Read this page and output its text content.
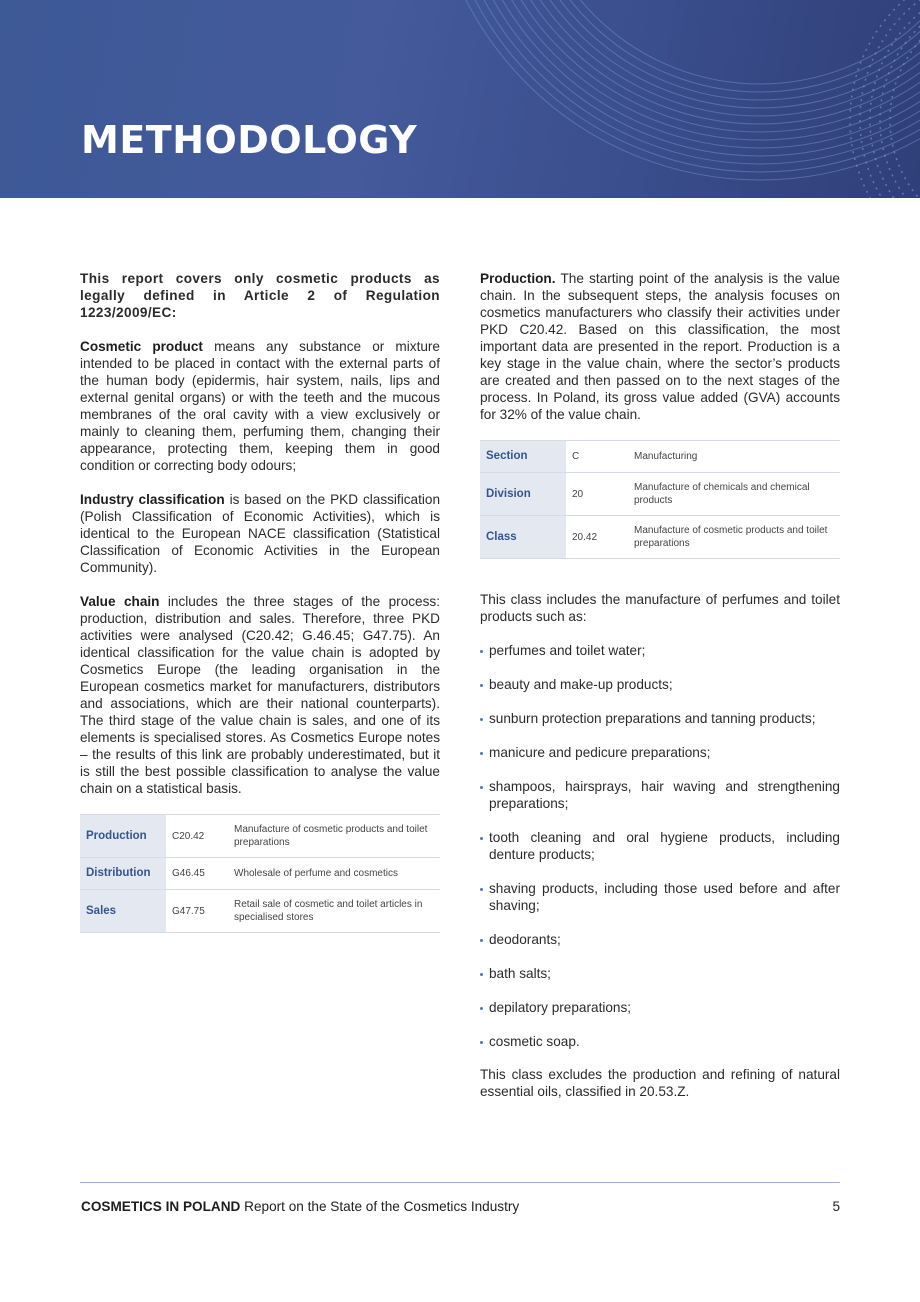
METHODOLOGY

This report covers only cosmetic products as legally defined in Article 2 of Regulation 1223/2009/EC:

Cosmetic product means any substance or mixture intended to be placed in contact with the external parts of the human body (epidermis, hair system, nails, lips and external genital organs) or with the teeth and the mucous membranes of the oral cavity with a view exclusively or mainly to cleaning them, perfuming them, changing their appearance, protecting them, keeping them in good condition or correcting body odours;

Industry classification is based on the PKD classification (Polish Classification of Economic Activities), which is identical to the European NACE classification (Statistical Classification of Economic Activities in the European Community).

Value chain includes the three stages of the process: production, distribution and sales. Therefore, three PKD activities were analysed (C20.42; G.46.45; G47.75). An identical classification for the value chain is adopted by Cosmetics Europe (the leading organisation in the European cosmetics market for manufacturers, distributors and associations, which are their national counterparts). The third stage of the value chain is sales, and one of its elements is specialised stores. As Cosmetics Europe notes – the results of this link are probably underestimated, but it is still the best possible classification to analyse the value chain on a statistical basis.

Production	C20.42	Manufacture of cosmetic products and toilet preparations
Distribution	G46.45	Wholesale of perfume and cosmetics
Sales	G47.75	Retail sale of cosmetic and toilet articles in specialised stores

Production. The starting point of the analysis is the value chain. In the subsequent steps, the analysis focuses on cosmetics manufacturers who classify their activities under PKD C20.42. Based on this classification, the most important data are presented in the report. Production is a key stage in the value chain, where the sector’s products are created and then passed on to the next stages of the process. In Poland, its gross value added (GVA) accounts for 32% of the value chain.

Section	C	Manufacturing
Division	20	Manufacture of chemicals and chemical products
Class	20.42	Manufacture of cosmetic products and toilet preparations

This class includes the manufacture of perfumes and toilet products such as:

perfumes and toilet water;
beauty and make-up products;
sunburn protection preparations and tanning products;
manicure and pedicure preparations;
shampoos, hairsprays, hair waving and strengthening preparations;
tooth cleaning and oral hygiene products, including denture products;
shaving products, including those used before and after shaving;
deodorants;
bath salts;
depilatory preparations;
cosmetic soap.

This class excludes the production and refining of natural essential oils, classified in 20.53.Z.

COSMETICS IN POLAND Report on the State of the Cosmetics Industry	5
